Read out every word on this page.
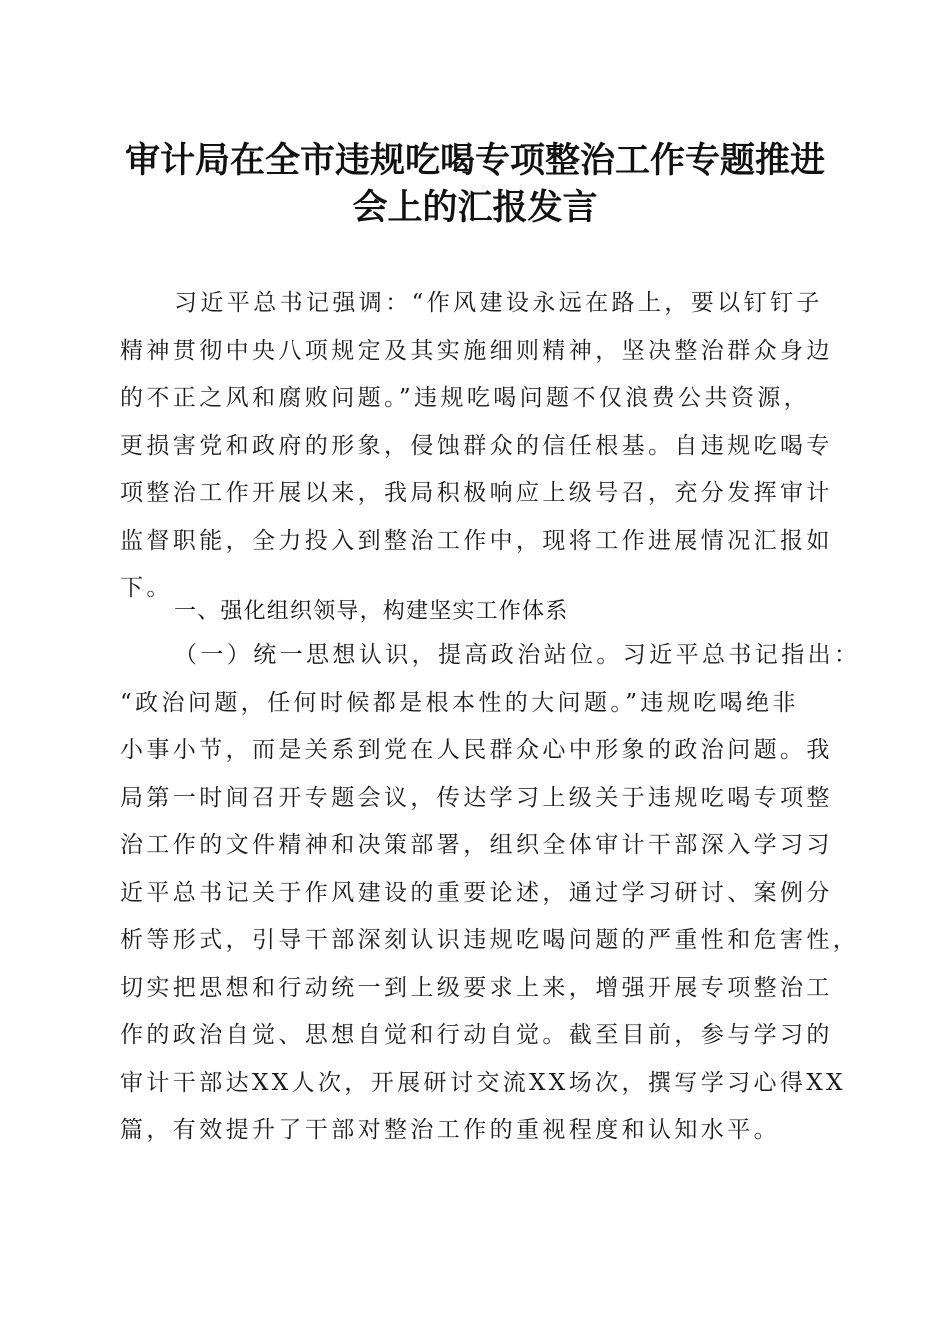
审计局在全市违规吃喝专项整治工作专题推进
会上的汇报发言
习近平总书记强调：“作风建设永远在路上，要以钉钉子
精神贯彻中央八项规定及其实施细则精神，坚决整治群众身边
的不正之风和腐败问题。”违规吃喝问题不仅浪费公共资源，
更损害党和政府的形象，侵蚀群众的信任根基。自违规吃喝专
项整治工作开展以来，我局积极响应上级号召，充分发挥审计
监督职能，全力投入到整治工作中，现将工作进展情况汇报如
下。
一、强化组织领导，构建坚实工作体系
（一）统一思想认识，提高政治站位。习近平总书记指出：
“政治问题，任何时候都是根本性的大问题。”违规吃喝绝非
小事小节，而是关系到党在人民群众心中形象的政治问题。我
局第一时间召开专题会议，传达学习上级关于违规吃喝专项整
治工作的文件精神和决策部署，组织全体审计干部深入学习习
近平总书记关于作风建设的重要论述，通过学习研讨、案例分
析等形式，引导干部深刻认识违规吃喝问题的严重性和危害性，
切实把思想和行动统一到上级要求上来，增强开展专项整治工
作的政治自觉、思想自觉和行动自觉。截至目前，参与学习的
审计干部达XX人次，开展研讨交流XX场次，撰写学习心得XX
篇，有效提升了干部对整治工作的重视程度和认知水平。
